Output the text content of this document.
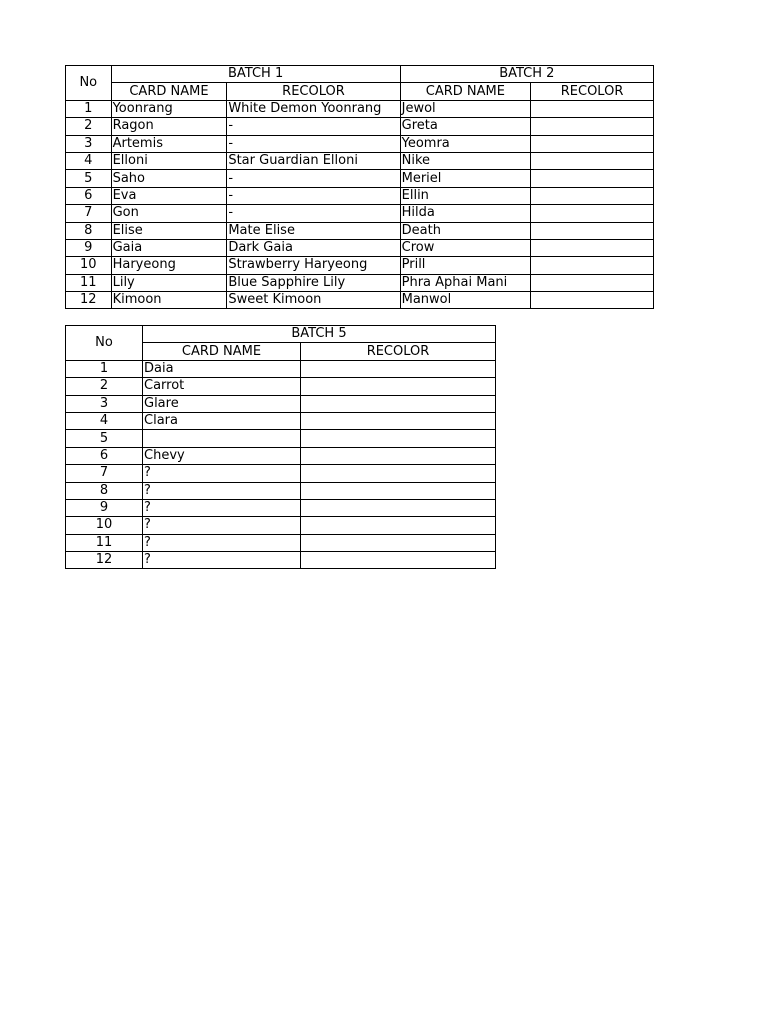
No	BATCH 1		BATCH 2	
	CARD NAME	RECOLOR	CARD NAME	RECOLOR
1	Yoonrang	White Demon Yoonrang	Jewol	
2	Ragon	-	Greta	
3	Artemis	-	Yeomra	
4	Elloni	Star Guardian Elloni	Nike	
5	Saho	-	Meriel	
6	Eva	-	Ellin	
7	Gon	-	Hilda	
8	Elise	Mate Elise	Death	
9	Gaia	Dark Gaia	Crow	
10	Haryeong	Strawberry Haryeong	Prill	
11	Lily	Blue Sapphire Lily	Phra Aphai Mani	
12	Kimoon	Sweet Kimoon	Manwol	
No	BATCH 5	
	CARD NAME	RECOLOR
1	Daia	
2	Carrot	
3	Glare	
4	Clara	
5		
6	Chevy	
7	?	
8	?	
9	?	
10	?	
11	?	
12	?	
